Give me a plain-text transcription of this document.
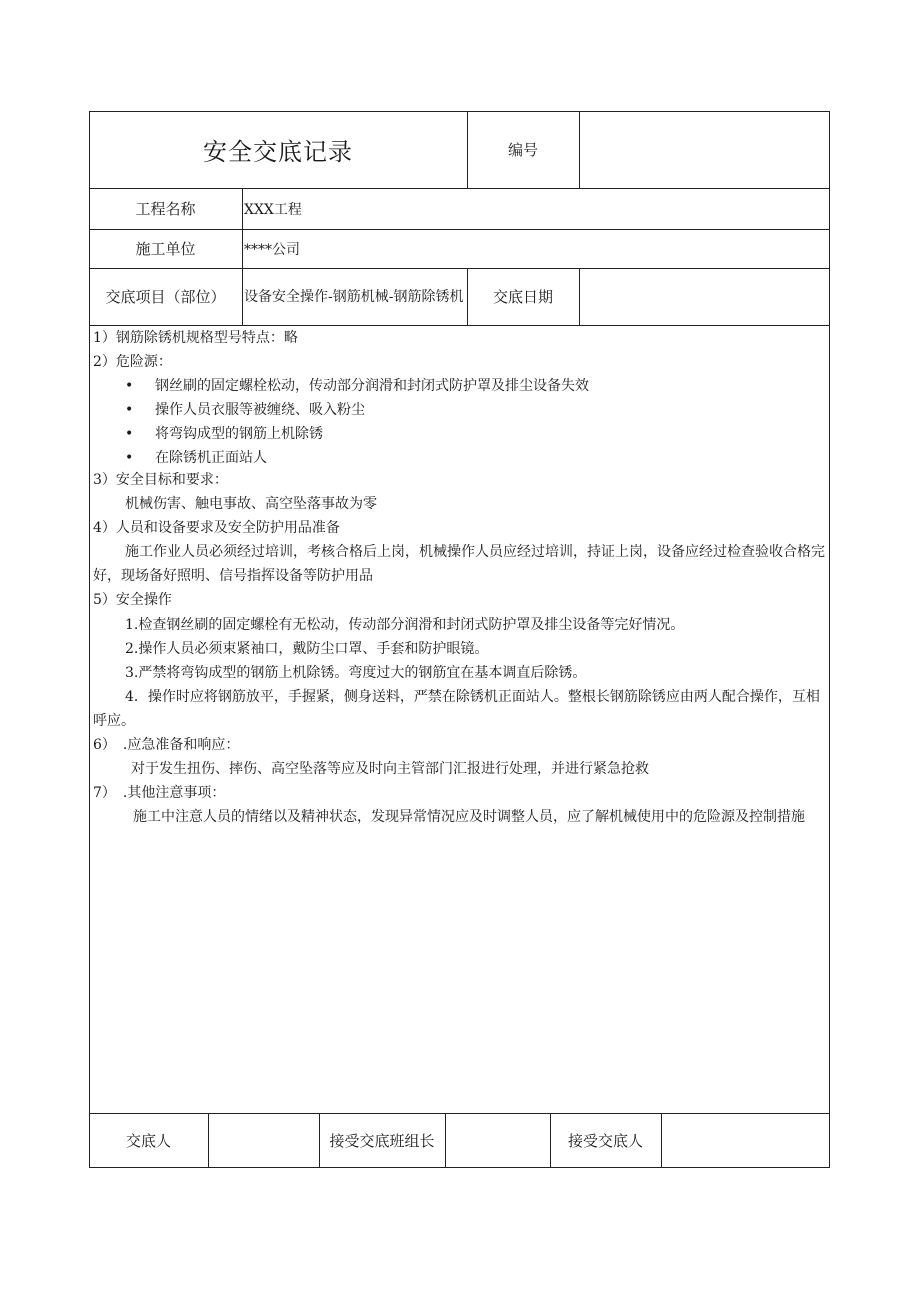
安全交底记录	编号
工程名称	XXX工程
施工单位	****公司
交底项目（部位）	设备安全操作-钢筋机械-钢筋除锈机	交底日期
1）钢筋除锈机规格型号特点：略
2）危险源：
• 钢丝刷的固定螺栓松动，传动部分润滑和封闭式防护罩及排尘设备失效
• 操作人员衣服等被缠绕、吸入粉尘
• 将弯钩成型的钢筋上机除锈
• 在除锈机正面站人
3）安全目标和要求：
机械伤害、触电事故、高空坠落事故为零
4）人员和设备要求及安全防护用品准备
施工作业人员必须经过培训，考核合格后上岗，机械操作人员应经过培训，持证上岗，设备应经过检查验收合格完好，现场备好照明、信号指挥设备等防护用品
5）安全操作
1.检查钢丝刷的固定螺栓有无松动，传动部分润滑和封闭式防护罩及排尘设备等完好情况。
2.操作人员必须束紧袖口，戴防尘口罩、手套和防护眼镜。
3.严禁将弯钩成型的钢筋上机除锈。弯度过大的钢筋宜在基本调直后除锈。
4．操作时应将钢筋放平，手握紧，侧身送料，严禁在除锈机正面站人。整根长钢筋除锈应由两人配合操作，互相呼应。
6）　.应急准备和响应：
对于发生扭伤、摔伤、高空坠落等应及时向主管部门汇报进行处理，并进行紧急抢救
7）　.其他注意事项：
施工中注意人员的情绪以及精神状态，发现异常情况应及时调整人员，应了解机械使用中的危险源及控制措施
交底人	接受交底班组长	接受交底人
